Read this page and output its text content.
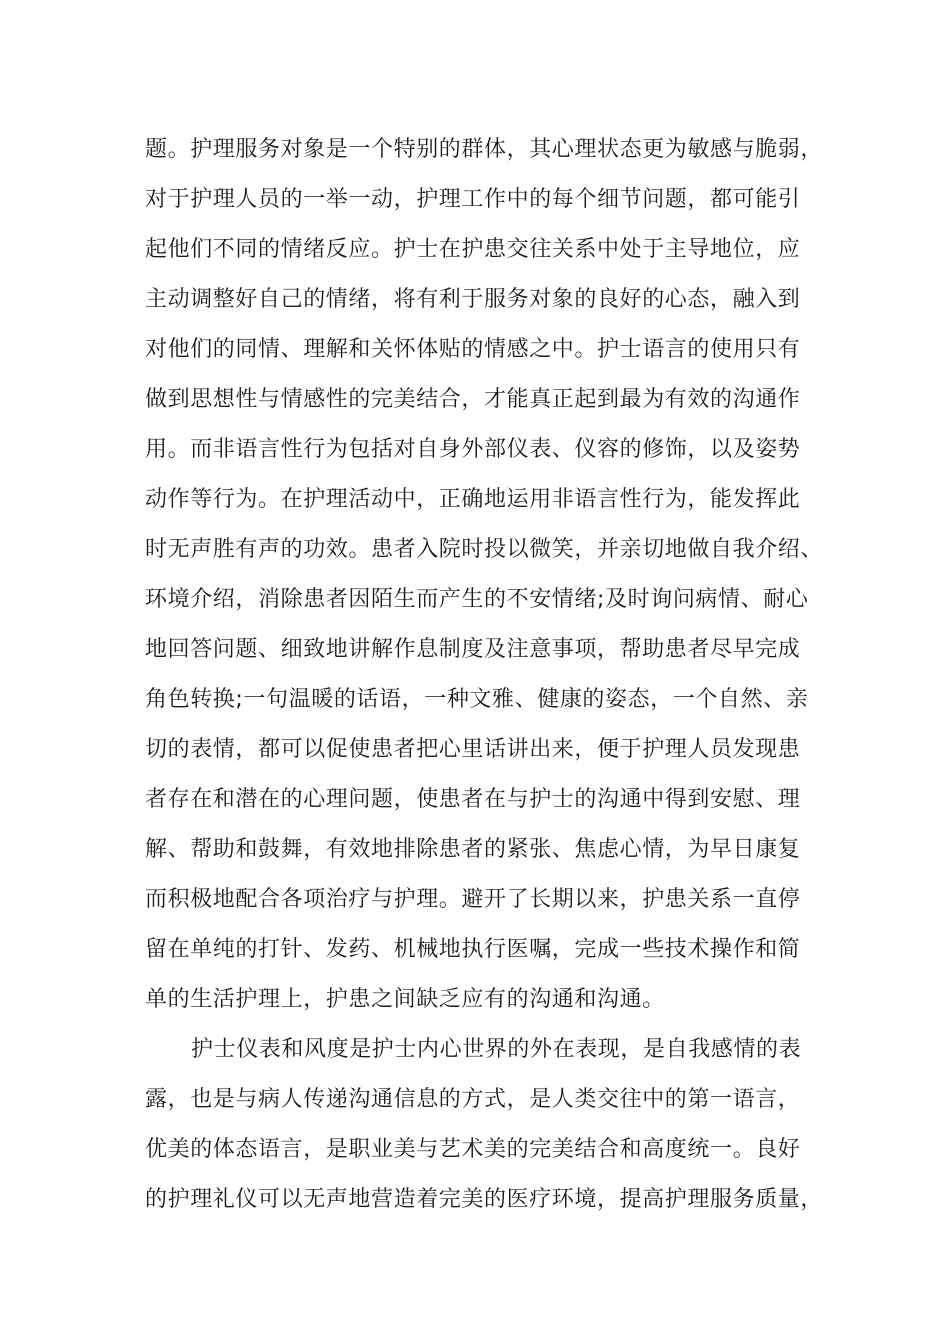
题。护理服务对象是一个特别的群体，其心理状态更为敏感与脆弱，
对于护理人员的一举一动，护理工作中的每个细节问题，都可能引
起他们不同的情绪反应。护士在护患交往关系中处于主导地位，应
主动调整好自己的情绪，将有利于服务对象的良好的心态，融入到
对他们的同情、理解和关怀体贴的情感之中。护士语言的使用只有
做到思想性与情感性的完美结合，才能真正起到最为有效的沟通作
用。而非语言性行为包括对自身外部仪表、仪容的修饰，以及姿势
动作等行为。在护理活动中，正确地运用非语言性行为，能发挥此
时无声胜有声的功效。患者入院时投以微笑，并亲切地做自我介绍、
环境介绍，消除患者因陌生而产生的不安情绪;及时询问病情、耐心
地回答问题、细致地讲解作息制度及注意事项，帮助患者尽早完成
角色转换;一句温暖的话语，一种文雅、健康的姿态，一个自然、亲
切的表情，都可以促使患者把心里话讲出来，便于护理人员发现患
者存在和潜在的心理问题，使患者在与护士的沟通中得到安慰、理
解、帮助和鼓舞，有效地排除患者的紧张、焦虑心情，为早日康复
而积极地配合各项治疗与护理。避开了长期以来，护患关系一直停
留在单纯的打针、发药、机械地执行医嘱，完成一些技术操作和简
单的生活护理上，护患之间缺乏应有的沟通和沟通。
护士仪表和风度是护士内心世界的外在表现，是自我感情的表
露，也是与病人传递沟通信息的方式，是人类交往中的第一语言，
优美的体态语言，是职业美与艺术美的完美结合和高度统一。良好
的护理礼仪可以无声地营造着完美的医疗环境，提高护理服务质量，
